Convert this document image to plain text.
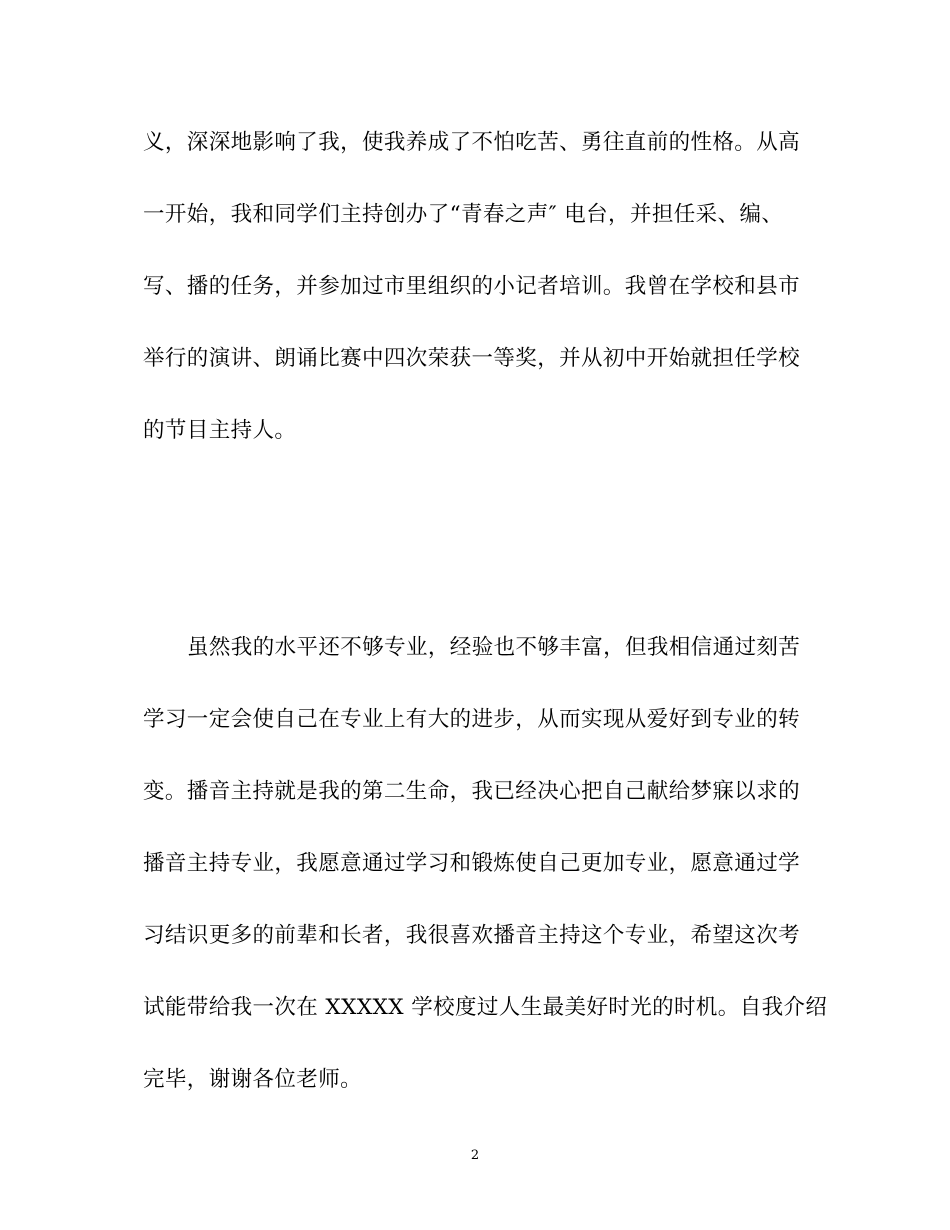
义，深深地影响了我，使我养成了不怕吃苦、勇往直前的性格。从高
一开始，我和同学们主持创办了“青春之声″ 电台，并担任采、编、
写、播的任务，并参加过市里组织的小记者培训。我曾在学校和县市
举行的演讲、朗诵比赛中四次荣获一等奖，并从初中开始就担任学校
的节目主持人。
虽然我的水平还不够专业，经验也不够丰富，但我相信通过刻苦
学习一定会使自己在专业上有大的进步，从而实现从爱好到专业的转
变。播音主持就是我的第二生命，我已经决心把自己献给梦寐以求的
播音主持专业，我愿意通过学习和锻炼使自己更加专业，愿意通过学
习结识更多的前辈和长者，我很喜欢播音主持这个专业，希望这次考
试能带给我一次在 XXXXX 学校度过人生最美好时光的时机。自我介绍
完毕，谢谢各位老师。
2
